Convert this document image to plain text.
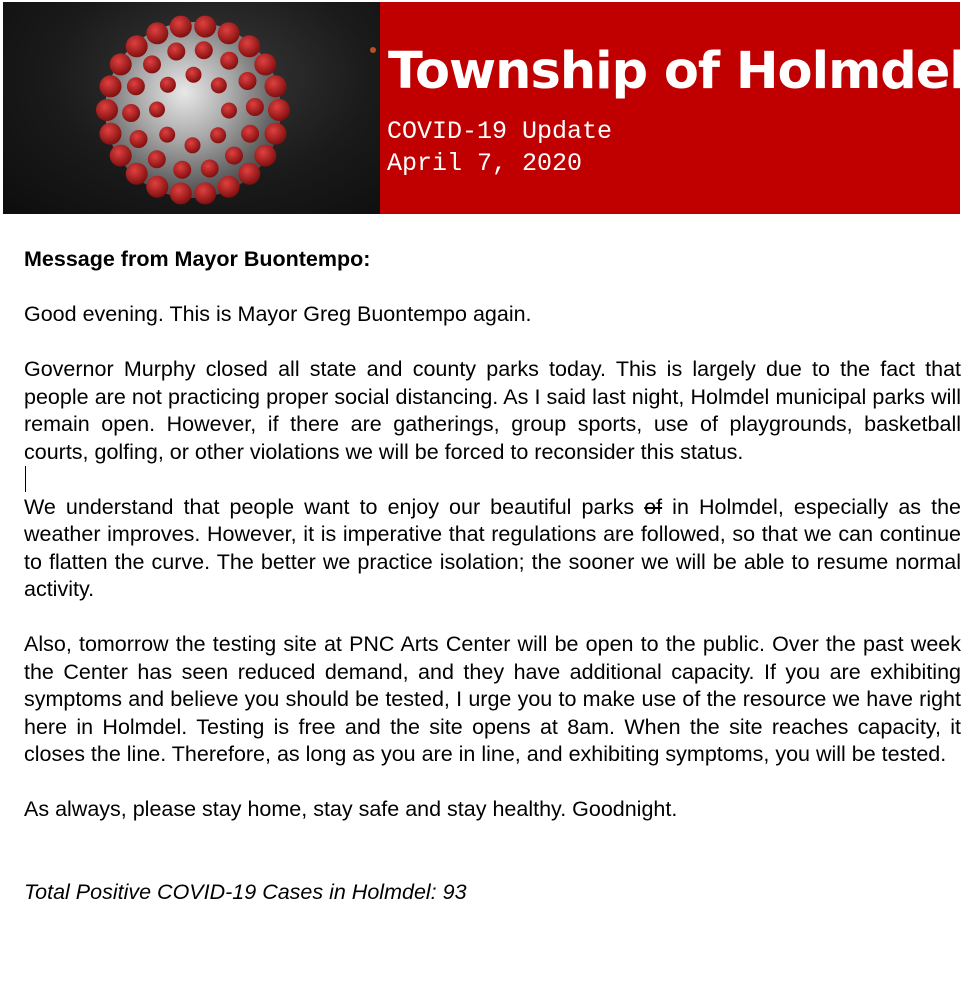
Township of Holmdel
COVID-19 Update
April 7, 2020

Message from Mayor Buontempo:

Good evening. This is Mayor Greg Buontempo again.

Governor Murphy closed all state and county parks today. This is largely due to the fact that people are not practicing proper social distancing. As I said last night, Holmdel municipal parks will remain open. However, if there are gatherings, group sports, use of playgrounds, basketball courts, golfing, or other violations we will be forced to reconsider this status.

We understand that people want to enjoy our beautiful parks of in Holmdel, especially as the weather improves. However, it is imperative that regulations are followed, so that we can continue to flatten the curve. The better we practice isolation; the sooner we will be able to resume normal activity.

Also, tomorrow the testing site at PNC Arts Center will be open to the public. Over the past week the Center has seen reduced demand, and they have additional capacity. If you are exhibiting symptoms and believe you should be tested, I urge you to make use of the resource we have right here in Holmdel. Testing is free and the site opens at 8am. When the site reaches capacity, it closes the line. Therefore, as long as you are in line, and exhibiting symptoms, you will be tested.

As always, please stay home, stay safe and stay healthy. Goodnight.

Total Positive COVID-19 Cases in Holmdel: 93
